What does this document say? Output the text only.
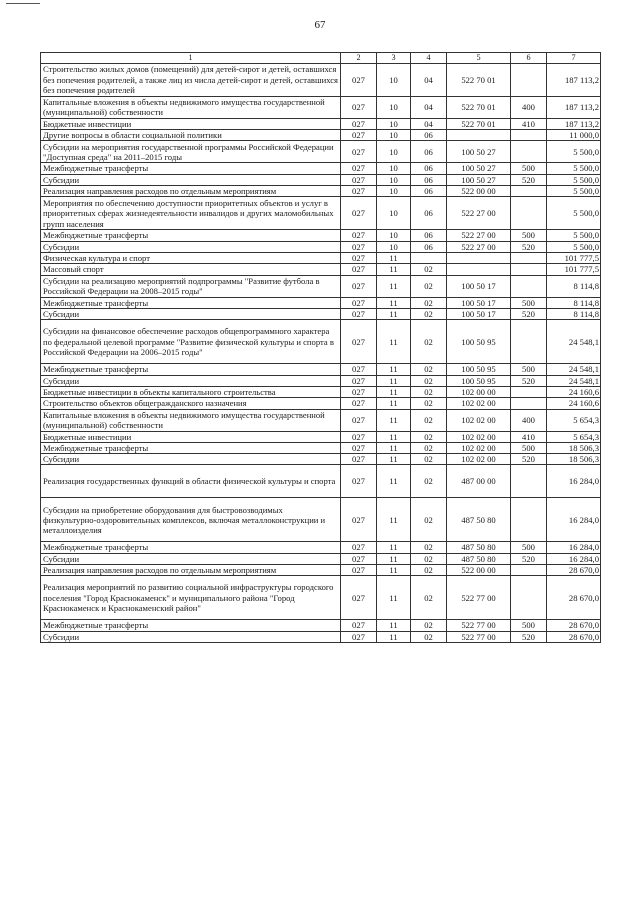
67
1	2	3	4	5	6	7
Строительство жилых домов (помещений) для детей-сирот и детей, оставшихся без попечения родителей, а также лиц из числа детей-сирот и детей, оставшихся без попечения родителей	027	10	04	522 70 01		187 113,2
Капитальные вложения в объекты недвижимого имущества государственной (муниципальной) собственности	027	10	04	522 70 01	400	187 113,2
Бюджетные инвестиции	027	10	04	522 70 01	410	187 113,2
Другие вопросы в области социальной политики	027	10	06			11 000,0
Субсидии на мероприятия государственной программы Российской Федерации "Доступная среда" на 2011–2015 годы	027	10	06	100 50 27		5 500,0
Межбюджетные трансферты	027	10	06	100 50 27	500	5 500,0
Субсидии	027	10	06	100 50 27	520	5 500,0
Реализация направления расходов по отдельным мероприятиям	027	10	06	522 00 00		5 500,0
Мероприятия по обеспечению доступности приоритетных объектов и услуг в приоритетных сферах жизнедеятельности инвалидов и других маломобильных групп населения	027	10	06	522 27 00		5 500,0
Межбюджетные трансферты	027	10	06	522 27 00	500	5 500,0
Субсидии	027	10	06	522 27 00	520	5 500,0
Физическая культура и спорт	027	11				101 777,5
Массовый спорт	027	11	02			101 777,5
Субсидии на реализацию мероприятий подпрограммы "Развитие футбола в Российской Федерации на 2008–2015 годы"	027	11	02	100 50 17		8 114,8
Межбюджетные трансферты	027	11	02	100 50 17	500	8 114,8
Субсидии	027	11	02	100 50 17	520	8 114,8
Субсидии на финансовое обеспечение расходов общепрограммного характера по федеральной целевой программе "Развитие физической культуры и спорта в Российской Федерации на 2006–2015 годы"	027	11	02	100 50 95		24 548,1
Межбюджетные трансферты	027	11	02	100 50 95	500	24 548,1
Субсидии	027	11	02	100 50 95	520	24 548,1
Бюджетные инвестиции в объекты капитального строительства	027	11	02	102 00 00		24 160,6
Строительство объектов общегражданского назначения	027	11	02	102 02 00		24 160,6
Капитальные вложения в объекты недвижимого имущества государственной (муниципальной) собственности	027	11	02	102 02 00	400	5 654,3
Бюджетные инвестиции	027	11	02	102 02 00	410	5 654,3
Межбюджетные трансферты	027	11	02	102 02 00	500	18 506,3
Субсидии	027	11	02	102 02 00	520	18 506,3
Реализация государственных функций в области физической культуры и спорта	027	11	02	487 00 00		16 284,0
Субсидии на приобретение оборудования для быстровозводимых физкультурно-оздоровительных комплексов, включая металлоконструкции и металлоизделия	027	11	02	487 50 80		16 284,0
Межбюджетные трансферты	027	11	02	487 50 80	500	16 284,0
Субсидии	027	11	02	487 50 80	520	16 284,0
Реализация направления расходов по отдельным мероприятиям	027	11	02	522 00 00		28 670,0
Реализация мероприятий по развитию социальной инфраструктуры городского поселения "Город Краснокаменск" и муниципального района "Город Краснокаменск и Краснокаменский район"	027	11	02	522 77 00		28 670,0
Межбюджетные трансферты	027	11	02	522 77 00	500	28 670,0
Субсидии	027	11	02	522 77 00	520	28 670,0
